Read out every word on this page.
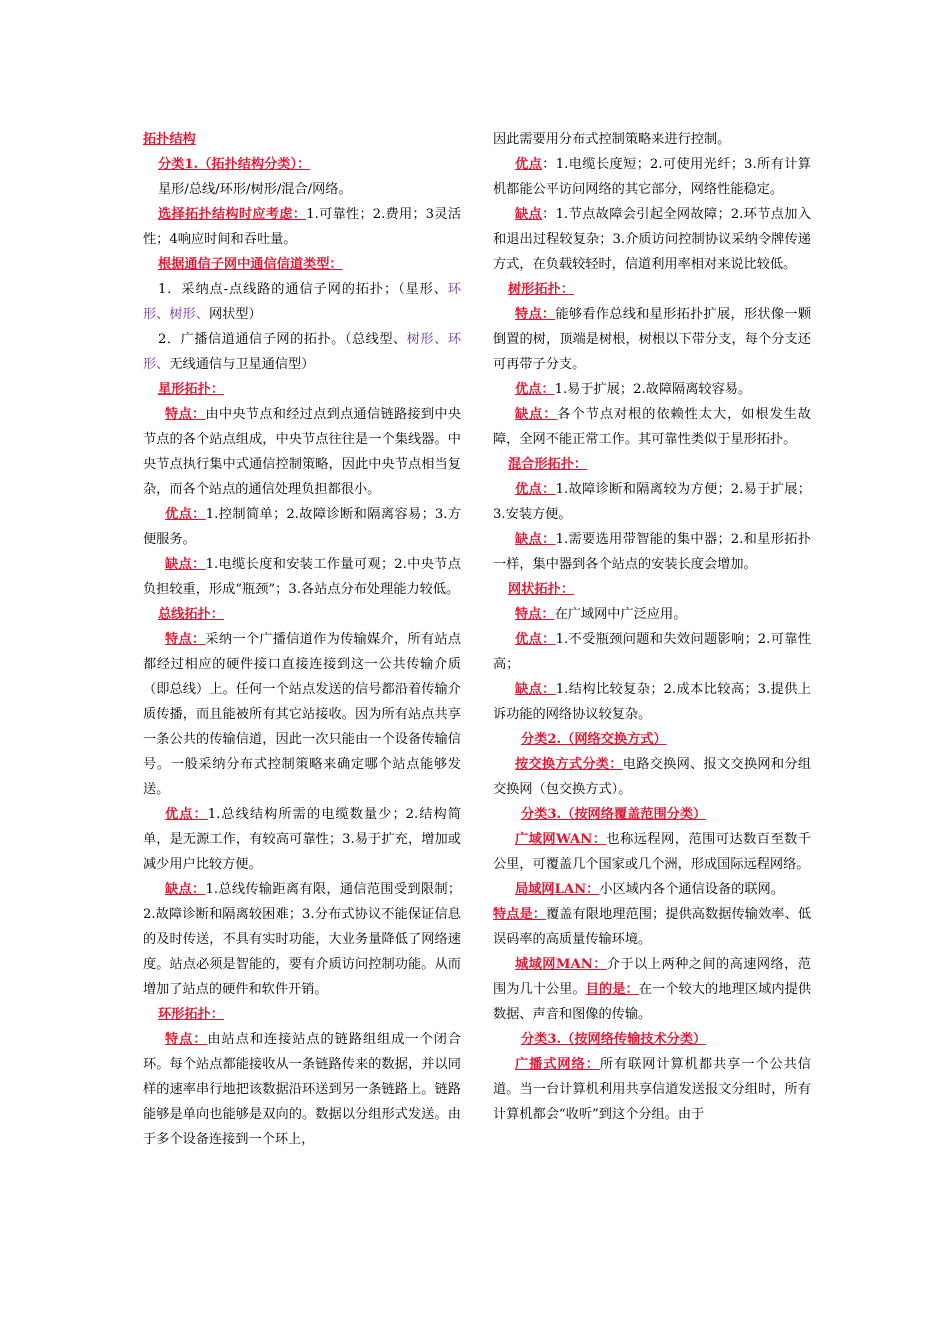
拓扑结构

分类1.（拓扑结构分类）：

星形/总线/环形/树形/混合/网络。

选择拓扑结构时应考虑：1.可靠性；2.费用；3灵活性；4响应时间和吞吐量。

根据通信子网中通信信道类型：

1．采纳点-点线路的通信子网的拓扑；（星形、环形、树形、网状型）

2．广播信道通信子网的拓扑。（总线型、树形、环形、无线通信与卫星通信型）

星形拓扑：

特点：由中央节点和经过点到点通信链路接到中央节点的各个站点组成，中央节点往往是一个集线器。中央节点执行集中式通信控制策略，因此中央节点相当复杂，而各个站点的通信处理负担都很小。

优点：1.控制简单；2.故障诊断和隔离容易；3.方便服务。

缺点：1.电缆长度和安装工作量可观；2.中央节点负担较重，形成“瓶颈”；3.各站点分布处理能力较低。

总线拓扑：

特点：采纳一个广播信道作为传输媒介，所有站点都经过相应的硬件接口直接连接到这一公共传输介质（即总线）上。任何一个站点发送的信号都沿着传输介质传播，而且能被所有其它站接收。因为所有站点共享一条公共的传输信道，因此一次只能由一个设备传输信号。一般采纳分布式控制策略来确定哪个站点能够发送。

优点：1.总线结构所需的电缆数量少；2.结构简单，是无源工作，有较高可靠性；3.易于扩充，增加或减少用户比较方便。

缺点：1.总线传输距离有限，通信范围受到限制；2.故障诊断和隔离较困难；3.分布式协议不能保证信息的及时传送，不具有实时功能，大业务量降低了网络速度。站点必须是智能的，要有介质访问控制功能。从而增加了站点的硬件和软件开销。

环形拓扑：

特点：由站点和连接站点的链路组组成一个闭合环。每个站点都能接收从一条链路传来的数据，并以同样的速率串行地把该数据沿环送到另一条链路上。链路能够是单向也能够是双向的。数据以分组形式发送。由于多个设备连接到一个环上，

因此需要用分布式控制策略来进行控制。

优点：1.电缆长度短；2.可使用光纤；3.所有计算机都能公平访问网络的其它部分，网络性能稳定。

缺点：1.节点故障会引起全网故障；2.环节点加入和退出过程较复杂；3.介质访问控制协议采纳令牌传递方式，在负载较轻时，信道利用率相对来说比较低。

树形拓扑：

特点：能够看作总线和星形拓扑扩展，形状像一颗倒置的树，顶端是树根，树根以下带分支，每个分支还可再带子分支。

优点：1.易于扩展；2.故障隔离较容易。

缺点：各个节点对根的依赖性太大，如根发生故障，全网不能正常工作。其可靠性类似于星形拓扑。

混合形拓扑：

优点：1.故障诊断和隔离较为方便；2.易于扩展；3.安装方便。

缺点：1.需要选用带智能的集中器；2.和星形拓扑一样，集中器到各个站点的安装长度会增加。

网状拓扑：

特点：在广域网中广泛应用。

优点：1.不受瓶颈问题和失效问题影响；2.可靠性高；

缺点：1.结构比较复杂；2.成本比较高；3.提供上诉功能的网络协议较复杂。

分类2.（网络交换方式）

按交换方式分类：电路交换网、报文交换网和分组交换网（包交换方式）。

分类3.（按网络覆盖范围分类）

广域网WAN：也称远程网，范围可达数百至数千公里，可覆盖几个国家或几个洲，形成国际远程网络。

局域网LAN：小区域内各个通信设备的联网。

特点是：覆盖有限地理范围；提供高数据传输效率、低误码率的高质量传输环境。

城域网MAN：介于以上两种之间的高速网络，范围为几十公里。目的是：在一个较大的地理区域内提供数据、声音和图像的传输。

分类3.（按网络传输技术分类）

广播式网络：所有联网计算机都共享一个公共信道。当一台计算机利用共享信道发送报文分组时，所有计算机都会“收听”到这个分组。由于
